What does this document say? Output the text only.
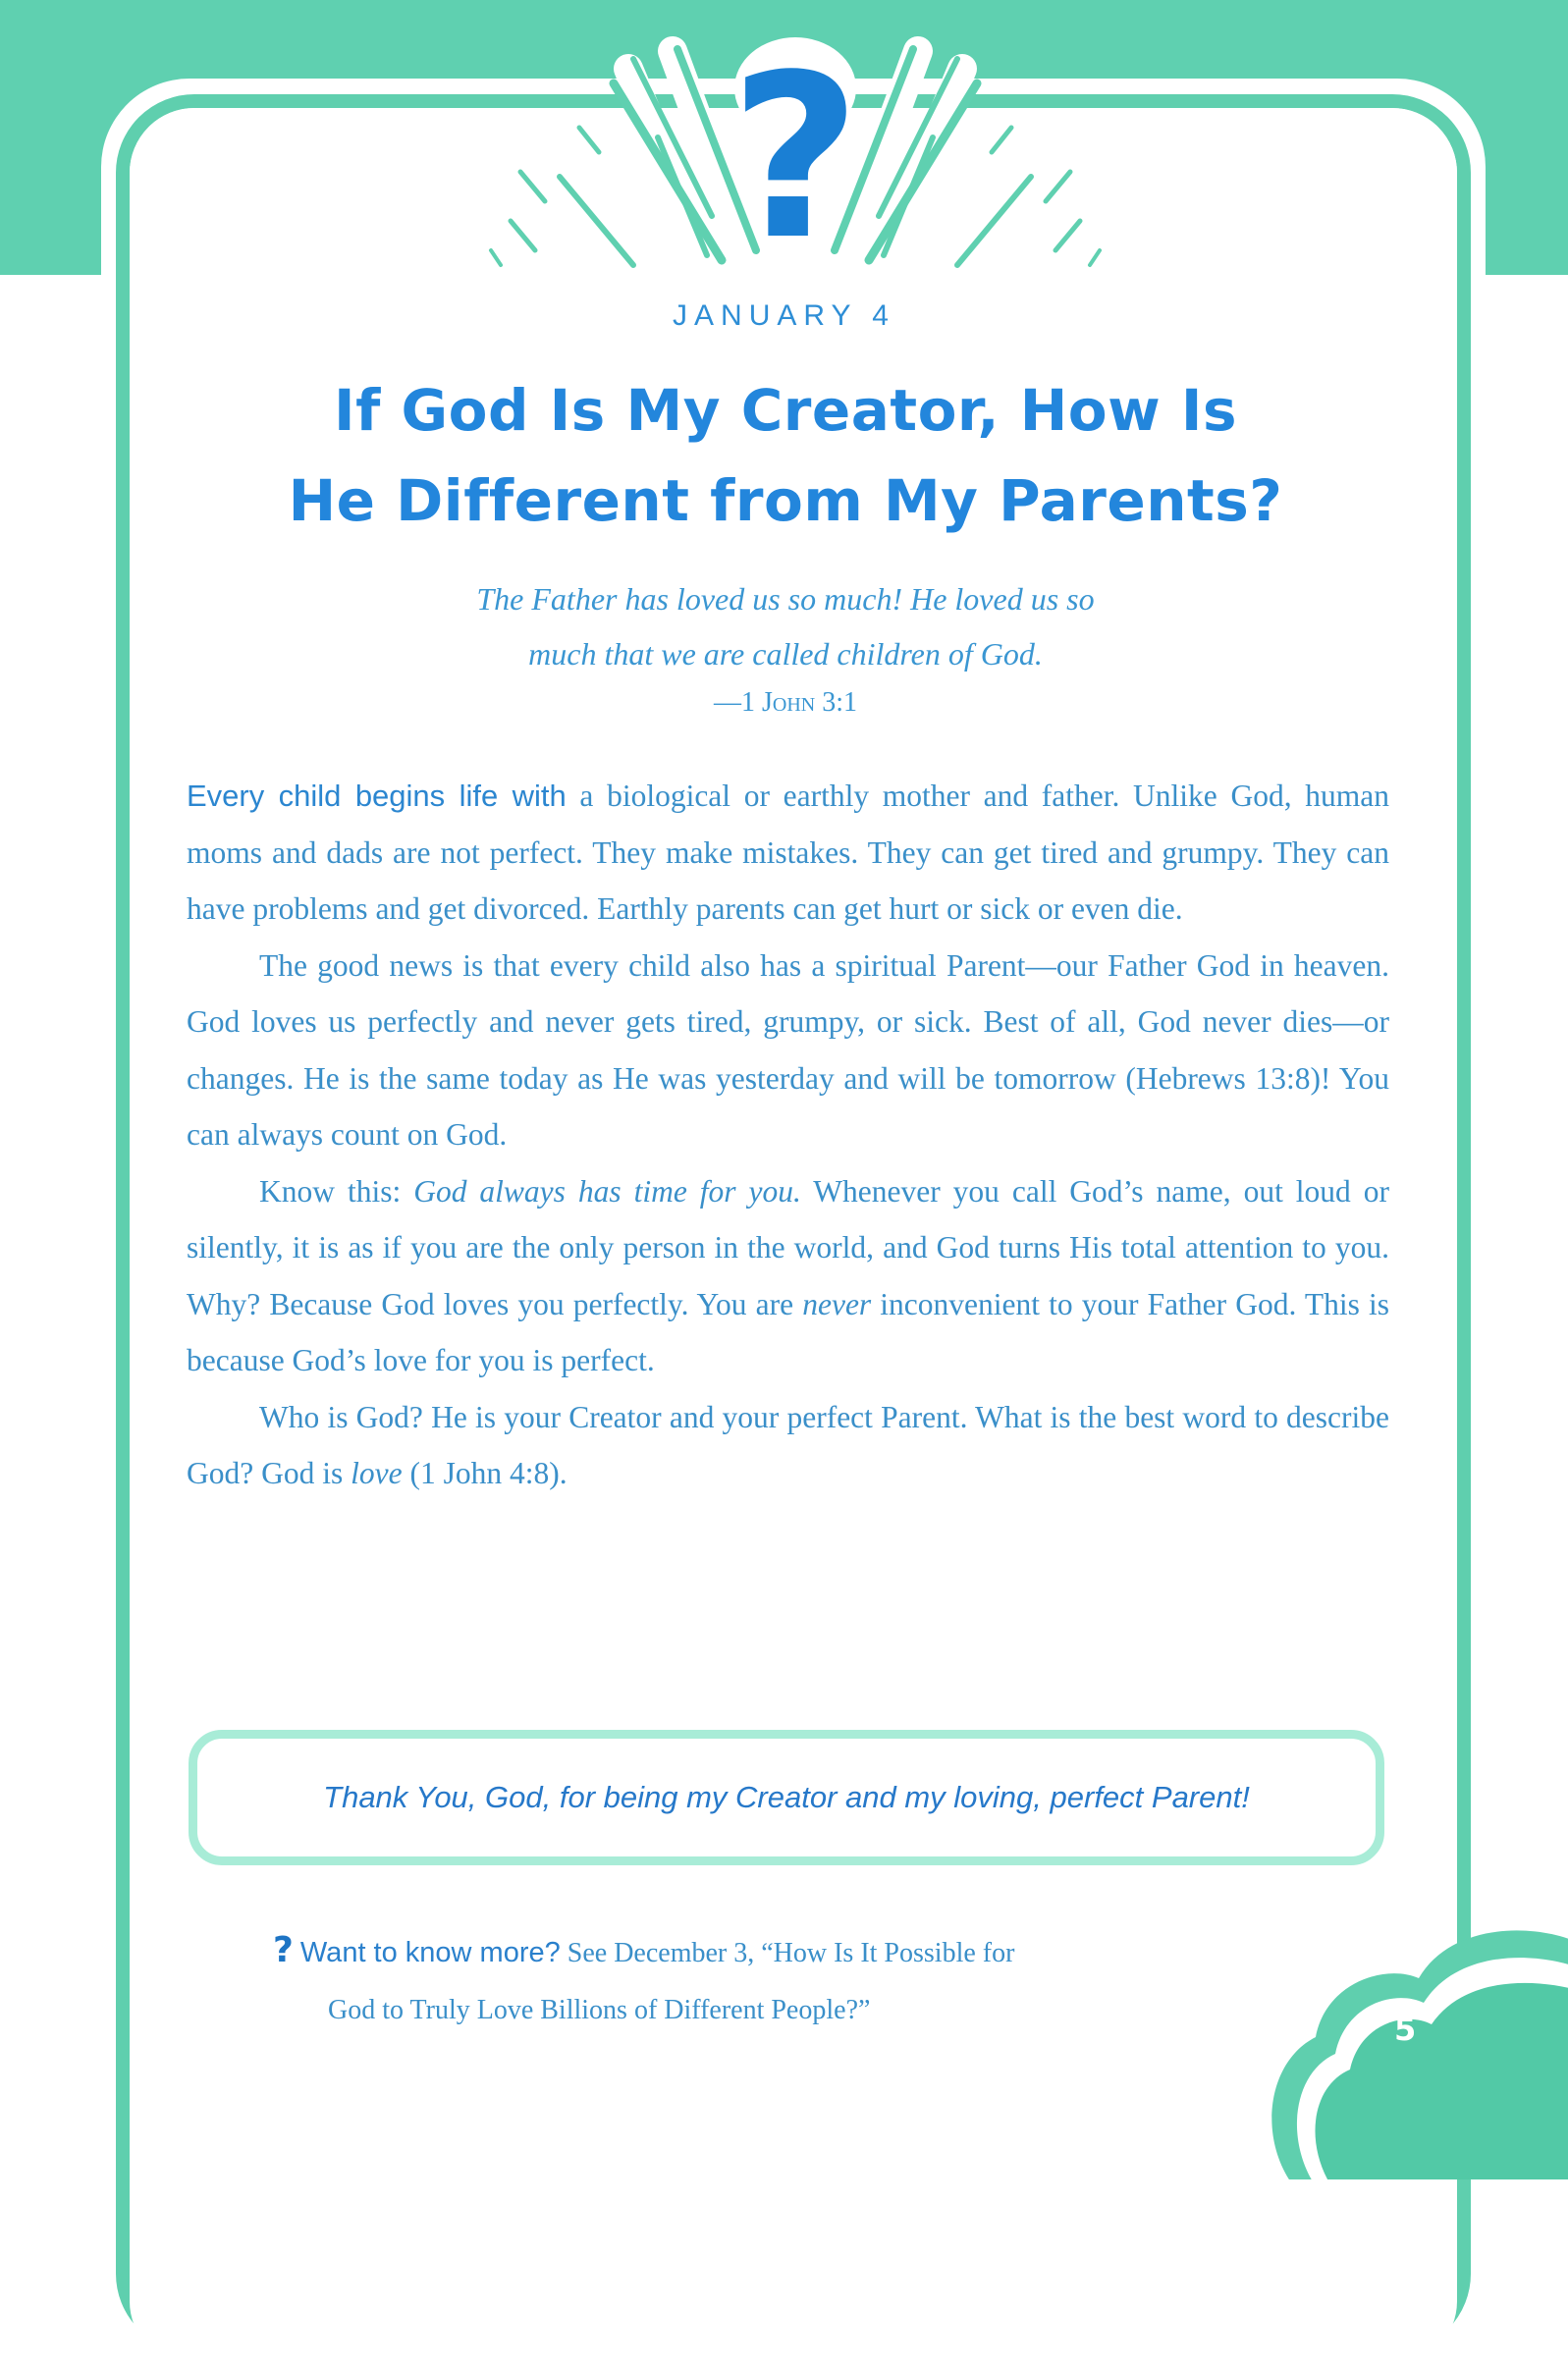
?
JANUARY 4
If God Is My Creator, How Is
He Different from My Parents?
The Father has loved us so much! He loved us so
much that we are called children of God.
—1 John 3:1

Every child begins life with a biological or earthly mother and father. Unlike God, human moms and dads are not perfect. They make mistakes. They can get tired and grumpy. They can have problems and get divorced. Earthly parents can get hurt or sick or even die.

The good news is that every child also has a spiritual Parent—our Father God in heaven. God loves us perfectly and never gets tired, grumpy, or sick. Best of all, God never dies—or changes. He is the same today as He was yesterday and will be tomorrow (Hebrews 13:8)! You can always count on God.

Know this: God always has time for you. Whenever you call God’s name, out loud or silently, it is as if you are the only person in the world, and God turns His total attention to you. Why? Because God loves you perfectly. You are never inconvenient to your Father God. This is because God’s love for you is perfect.

Who is God? He is your Creator and your perfect Parent. What is the best word to describe God? God is love (1 John 4:8).

Thank You, God, for being my Creator and my loving, perfect Parent!
? Want to know more? See December 3, “How Is It Possible for
God to Truly Love Billions of Different People?”
5
